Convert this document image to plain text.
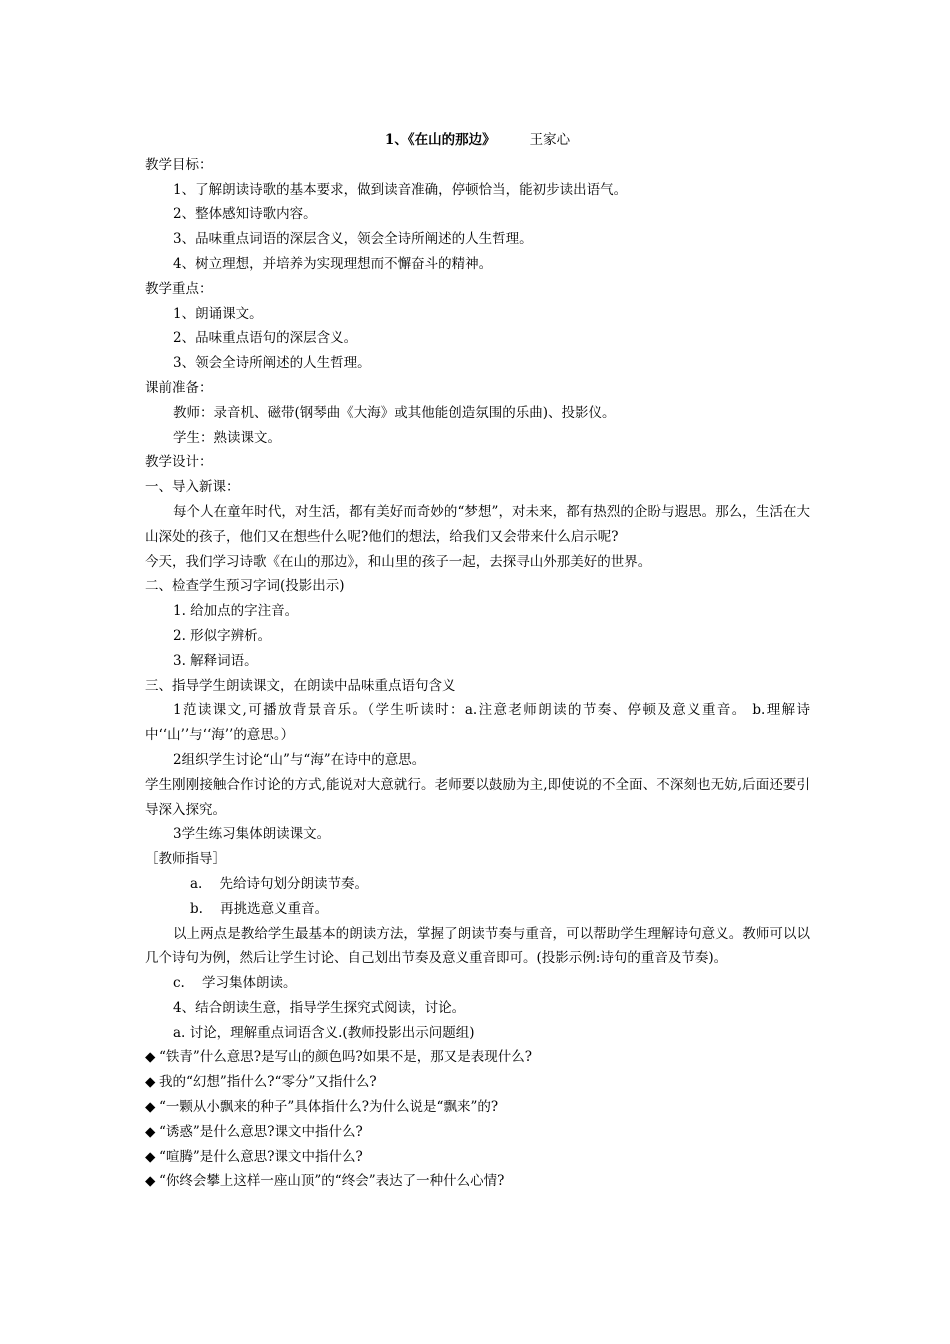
1、《在山的那边》	王家心
教学目标：
1、了解朗读诗歌的基本要求，做到读音准确，停顿恰当，能初步读出语气。
2、整体感知诗歌内容。
3、品味重点词语的深层含义，领会全诗所阐述的人生哲理。
4、树立理想，并培养为实现理想而不懈奋斗的精神。
教学重点：
1、朗诵课文。
2、品味重点语句的深层含义。
3、领会全诗所阐述的人生哲理。
课前准备：
教师：录音机、磁带(钢琴曲《大海》或其他能创造氛围的乐曲)、投影仪。
学生：熟读课文。
教学设计：
一、导入新课：
每个人在童年时代，对生活，都有美好而奇妙的“梦想”，对未来，都有热烈的企盼与遐思。那么，生活在大山深处的孩子，他们又在想些什么呢?他们的想法，给我们又会带来什么启示呢?
今天，我们学习诗歌《在山的那边》，和山里的孩子一起，去探寻山外那美好的世界。
二、检查学生预习字词(投影出示)
1. 给加点的字注音。
2. 形似字辨析。
3. 解释词语。
三、指导学生朗读课文，在朗读中品味重点语句含义
1范读课文,可播放背景音乐。（学生听读时：a.注意老师朗读的节奏、停顿及意义重音。 b.理解诗中‘‘山’’与‘‘海’’的意思。）
2组织学生讨论“山”与“海”在诗中的意思。
学生刚刚接触合作讨论的方式,能说对大意就行。老师要以鼓励为主,即使说的不全面、不深刻也无妨,后面还要引导深入探究。
3学生练习集体朗读课文。
［教师指导］
a.    先给诗句划分朗读节奏。
b.    再挑选意义重音。
以上两点是教给学生最基本的朗读方法，掌握了朗读节奏与重音，可以帮助学生理解诗句意义。教师可以以几个诗句为例，然后让学生讨论、自己划出节奏及意义重音即可。(投影示例:诗句的重音及节奏)。
c.    学习集体朗读。
4、结合朗读生意，指导学生探究式阅读，讨论。
a. 讨论，理解重点词语含义.(教师投影出示问题组)
◆ “铁青”什么意思?是写山的颜色吗?如果不是，那又是表现什么?
◆ 我的“幻想”指什么?“零分”又指什么?
◆ “一颗从小飘来的种子”具体指什么?为什么说是“飘来”的?
◆ “诱惑”是什么意思?课文中指什么?
◆ “喧腾”是什么意思?课文中指什么?
◆ “你终会攀上这样一座山顶”的“终会”表达了一种什么心情?
